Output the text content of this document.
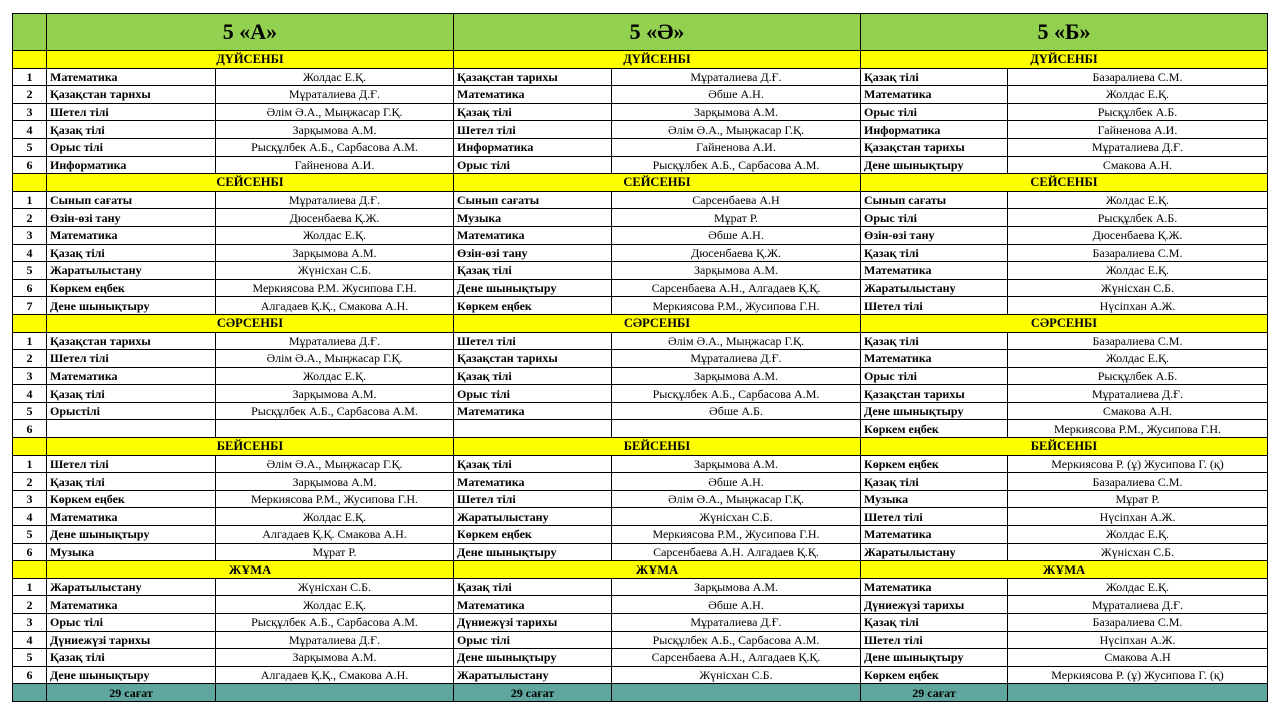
	5 «А»		5 «Ә»		5 «Б»	
	ДҮЙСЕНБІ		ДҮЙСЕНБІ		ДҮЙСЕНБІ	
1	Математика	Жолдас Е.Қ.	Қазақстан тарихы	Мұраталиева Д.Ғ.	Қазақ тілі	Базаралиева С.М.
2	Қазақстан тарихы	Мұраталиева Д.Ғ.	Математика	Әбше А.Н.	Математика	Жолдас Е.Қ.
3	Шетел тілі	Әлім Ә.А., Мыңжасар Г.Қ.	Қазақ тілі	Зарқымова А.М.	Орыс тілі	Рысқұлбек А.Б.
4	Қазақ тілі	Зарқымова А.М.	Шетел тілі	Әлім Ә.А., Мыңжасар Г.Қ.	Информатика	Гайненова А.И.
5	Орыс тілі	Рысқұлбек А.Б., Сарбасова А.М.	Информатика	Гайненова А.И.	Қазақстан тарихы	Мұраталиева Д.Ғ.
6	Информатика	Гайненова А.И.	Орыс тілі	Рысқұлбек А.Б., Сарбасова А.М.	Дене шынықтыру	Смакова А.Н.
	СЕЙСЕНБІ		СЕЙСЕНБІ		СЕЙСЕНБІ	
1	Сынып сағаты	Мұраталиева Д.Ғ.	Сынып сағаты	Сарсенбаева А.Н	Сынып сағаты	Жолдас Е.Қ.
2	Өзін-өзі тану	Дюсенбаева Қ.Ж.	Музыка	Мұрат Р.	Орыс тілі	Рысқұлбек А.Б.
3	Математика	Жолдас Е.Қ.	Математика	Әбше А.Н.	Өзін-өзі тану	Дюсенбаева Қ.Ж.
4	Қазақ тілі	Зарқымова А.М.	Өзін-өзі тану	Дюсенбаева Қ.Ж.	Қазақ тілі	Базаралиева С.М.
5	Жаратылыстану	Жүнісхан С.Б.	Қазақ тілі	Зарқымова А.М.	Математика	Жолдас Е.Қ.
6	Көркем еңбек	Меркиясова Р.М. Жусипова Г.Н.	Дене шынықтыру	Сарсенбаева А.Н., Алгадаев Қ.Қ.	Жаратылыстану	Жүнісхан С.Б.
7	Дене шынықтыру	Алгадаев Қ.Қ., Смакова А.Н.	Көркем еңбек	Меркиясова Р.М., Жусипова Г.Н.	Шетел тілі	Нүсіпхан А.Ж.
	СӘРСЕНБІ		СӘРСЕНБІ		СӘРСЕНБІ	
1	Қазақстан тарихы	Мұраталиева Д.Ғ.	Шетел тілі	Әлім Ә.А., Мыңжасар Г.Қ.	Қазақ тілі	Базаралиева С.М.
2	Шетел тілі	Әлім Ә.А., Мыңжасар Г.Қ.	Қазақстан тарихы	Мұраталиева Д.Ғ.	Математика	Жолдас Е.Қ.
3	Математика	Жолдас Е.Қ.	Қазақ тілі	Зарқымова А.М.	Орыс тілі	Рысқұлбек А.Б.
4	Қазақ тілі	Зарқымова А.М.	Орыс тілі	Рысқұлбек А.Б., Сарбасова А.М.	Қазақстан тарихы	Мұраталиева Д.Ғ.
5	Орыстілі	Рысқұлбек А.Б., Сарбасова А.М.	Математика	Әбше А.Б.	Дене шынықтыру	Смакова А.Н.
6					Көркем еңбек	Меркиясова Р.М., Жусипова Г.Н.
	БЕЙСЕНБІ		БЕЙСЕНБІ		БЕЙСЕНБІ	
1	Шетел тілі	Әлім Ә.А., Мыңжасар Г.Қ.	Қазақ тілі	Зарқымова А.М.	Көркем еңбек	Меркиясова Р. (ұ) Жусипова Г. (қ)
2	Қазақ тілі	Зарқымова А.М.	Математика	Әбше А.Н.	Қазақ тілі	Базаралиева С.М.
3	Көркем еңбек	Меркиясова Р.М., Жусипова Г.Н.	Шетел тілі	Әлім Ә.А., Мыңжасар Г.Қ.	Музыка	Мұрат Р.
4	Математика	Жолдас Е.Қ.	Жаратылыстану	Жүнісхан С.Б.	Шетел тілі	Нүсіпхан А.Ж.
5	Дене шынықтыру	Алгадаев Қ.Қ. Смакова А.Н.	Көркем еңбек	Меркиясова Р.М., Жусипова Г.Н.	Математика	Жолдас Е.Қ.
6	Музыка	Мұрат Р.	Дене шынықтыру	Сарсенбаева А.Н. Алгадаев Қ.Қ.	Жаратылыстану	Жүнісхан С.Б.
	ЖҰМА		ЖҰМА		ЖҰМА	
1	Жаратылыстану	Жүнісхан С.Б.	Қазақ тілі	Зарқымова А.М.	Математика	Жолдас Е.Қ.
2	Математика	Жолдас Е.Қ.	Математика	Әбше А.Н.	Дүниежүзі тарихы	Мұраталиева Д.Ғ.
3	Орыс тілі	Рысқұлбек А.Б., Сарбасова А.М.	Дүниежүзі тарихы	Мұраталиева Д.Ғ.	Қазақ тілі	Базаралиева С.М.
4	Дүниежүзі тарихы	Мұраталиева Д.Ғ.	Орыс тілі	Рысқұлбек А.Б., Сарбасова А.М.	Шетел тілі	Нүсіпхан А.Ж.
5	Қазақ тілі	Зарқымова А.М.	Дене шынықтыру	Сарсенбаева А.Н., Алгадаев Қ.Қ.	Дене шынықтыру	Смакова А.Н
6	Дене шынықтыру	Алгадаев Қ.Қ., Смакова А.Н.	Жаратылыстану	Жүнісхан С.Б.	Көркем еңбек	Меркиясова Р. (ұ) Жусипова Г. (қ)
	29 сағат		29 сағат		29 сағат	
